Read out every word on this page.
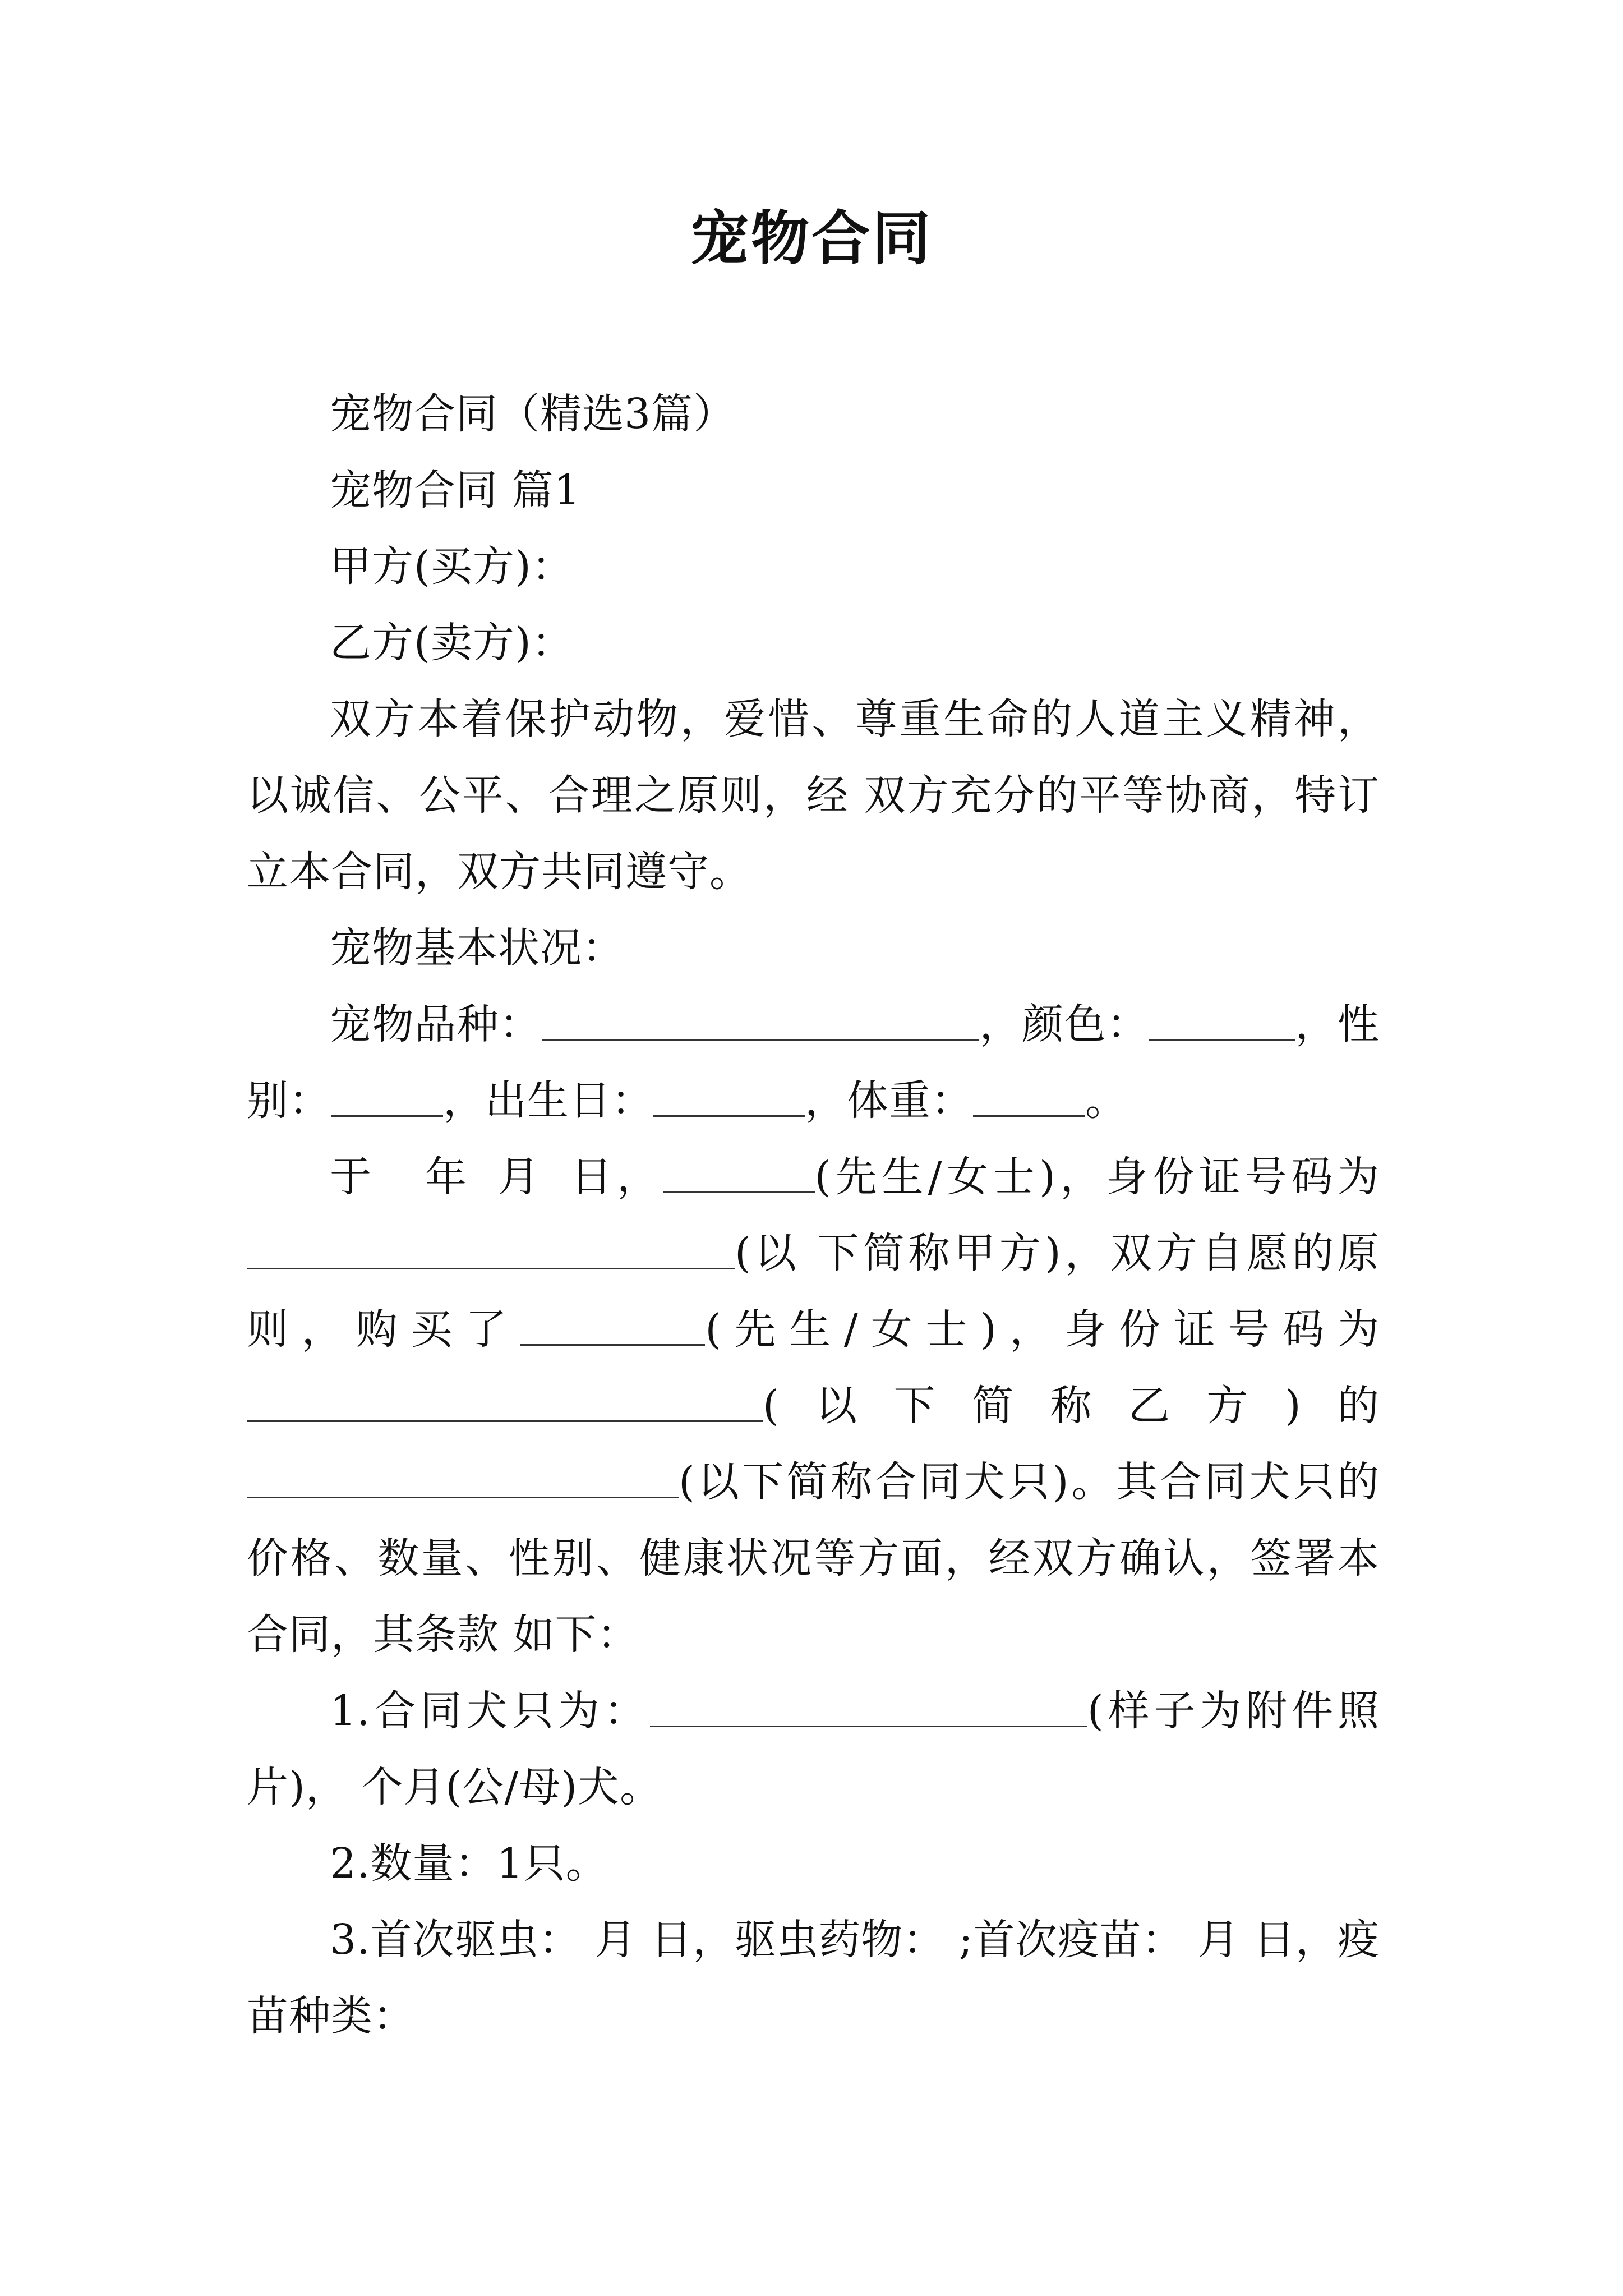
宠物合同

宠物合同（精选3篇）

宠物合同 篇1

甲方(买方)：

乙方(卖方)：

双方本着保护动物，爱惜、尊重生命的人道主义精神，以诚信、公平、合理之原则，经 双方充分的平等协商，特订立本合同，双方共同遵守。

宠物基本状况：

宠物品种：	，颜色：	，性别：	，出生日：	，体重：	。

于 年 月 日，	(先生/女士)，身份证号码为(以 下简称甲方)，双方自愿的原则，购买了	(先生/女士)，身份证号码为(以下简称乙方)的(以下简称合同犬只)。其合同犬只的价格、数量、性别、健康状况等方面，经双方确认，签署本合同，其条款 如下：

1.合同犬只为：	(样子为附件照片)， 个月(公/母)犬。

2.数量：1只。

3.首次驱虫： 月 日，驱虫药物： ;首次疫苗： 月 日，疫苗种类：
